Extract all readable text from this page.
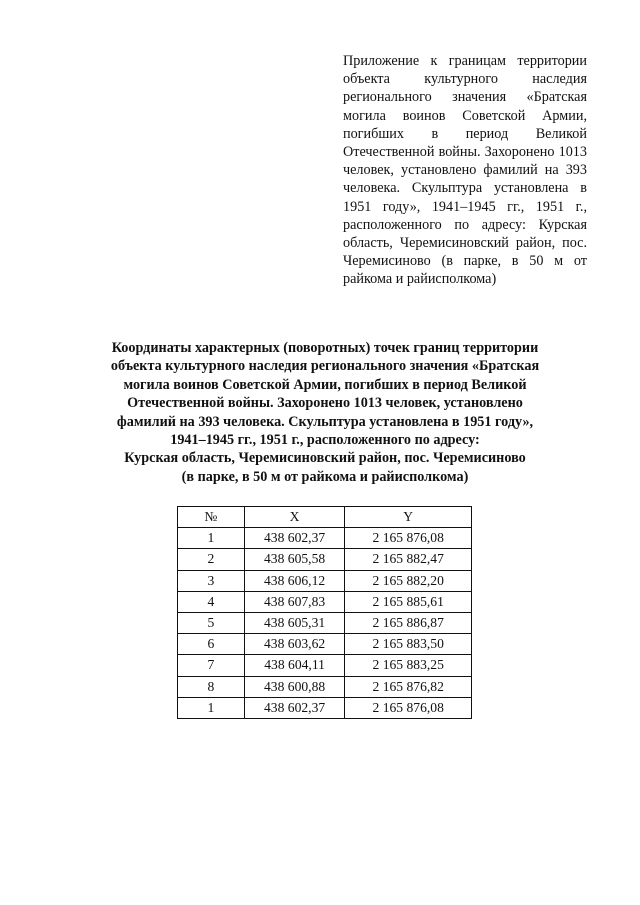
Приложение к границам территории объекта культурного наследия регионального значения «Братская могила воинов Советской Армии, погибших в период Великой Отечественной войны. Захоронено 1013 человек, установлено фамилий на 393 человека. Скульптура установлена в 1951 году», 1941–1945 гг., 1951 г., расположенного по адресу: Курская область, Черемисиновский район, пос. Черемисиново (в парке, в 50 м от райкома и райисполкома)
Координаты характерных (поворотных) точек границ территории
объекта культурного наследия регионального значения «Братская
могила воинов Советской Армии, погибших в период Великой
Отечественной войны. Захоронено 1013 человек, установлено
фамилий на 393 человека. Скульптура установлена в 1951 году»,
1941–1945 гг., 1951 г., расположенного по адресу:
Курская область, Черемисиновский район, пос. Черемисиново
(в парке, в 50 м от райкома и райисполкома)
№	X	Y
1	438 602,37	2 165 876,08
2	438 605,58	2 165 882,47
3	438 606,12	2 165 882,20
4	438 607,83	2 165 885,61
5	438 605,31	2 165 886,87
6	438 603,62	2 165 883,50
7	438 604,11	2 165 883,25
8	438 600,88	2 165 876,82
1	438 602,37	2 165 876,08
